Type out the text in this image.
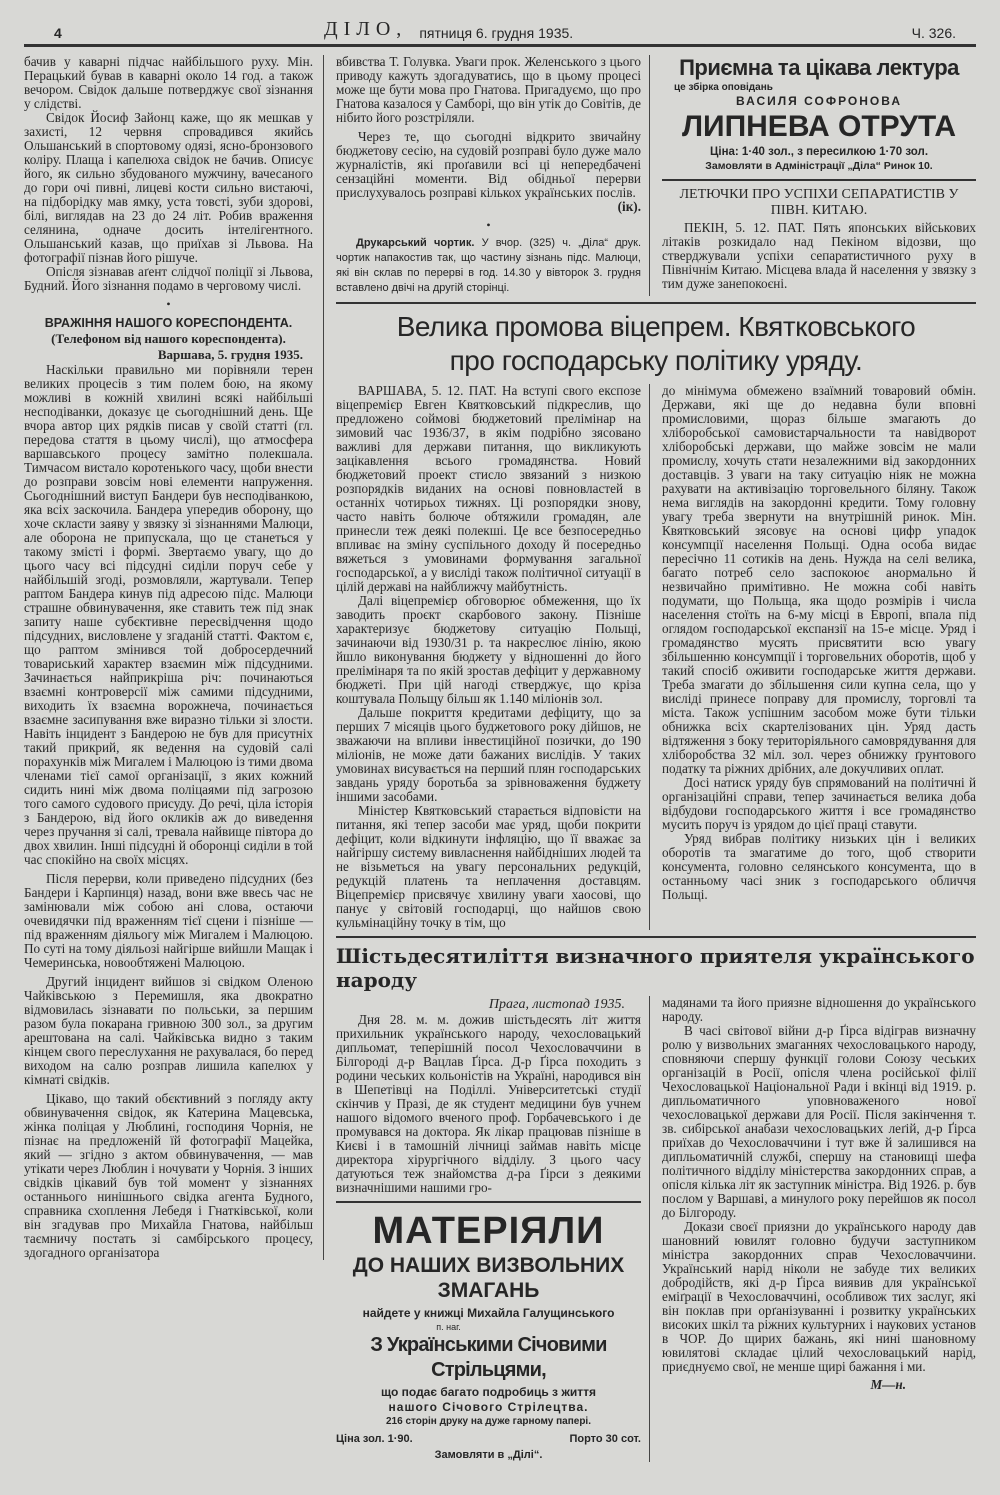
4	ДІЛО, пятниця 6. грудня 1935.	Ч. 326.

бачив у каварні підчас найбільшого руху. Мін. Перацький бував в каварні около 14 год. а також вечором. Свідок дальше потверджує свої зізнання у слідстві.

Свідок Йосиф Зайонц каже, що як мешкав у захисті, 12 червня спровадився якийсь Ольшанський в спортовому одязі, ясно-бронзового коліру. Плаща і капелюха свідок не бачив. Описує його, як сильно збудованого мужчину, вачесаного до гори очі пивні, лицеві кости сильно вистаючі, на підборідку мав ямку, уста товсті, зуби здорові, білі, виглядав на 23 до 24 літ. Робив враження селянина, одначе досить інтелігентного. Ольшанський казав, що приїхав зі Львова. На фотографії пізнав його рішуче.

Опісля зізнавав аґент слідчої поліції зі Львова, Будний. Його зізнання подамо в черговому числі.

•
ВРАЖІННЯ НАШОГО КОРЕСПОНДЕНТА.
(Телефоном від нашого кореспондента).
Варшава, 5. грудня 1935.

Наскільки правильно ми порівняли терен великих процесів з тим полем бою, на якому можливі в кожній хвилині всякі найбільші несподіванки, доказує це сьогоднішний день. Ще вчора автор цих рядків писав у своїй статті (гл. передова стаття в цьому числі), що атмосфера варшавського процесу замітно полекшала. Тимчасом вистало коротенького часу, щоби внести до розправи зовсім нові елементи напруження. Сьогоднішний виступ Бандери був несподіванкою, яка всіх заскочила. Бандера упередив оборону, що хоче скласти заяву у звязку зі зізнаннями Малюци, але оборона не припускала, що це станеться у такому змісті і формі. Звертаємо увагу, що до цього часу всі підсудні сиділи поруч себе у найбільшій згоді, розмовляли, жартували. Тепер раптом Бандера кинув під адресою підс. Малюци страшне обвинувачення, яке ставить теж під знак запиту наше субєктивне пересвідчення щодо підсудних, висловлене у згаданій статті. Фактом є, що раптом змінився той добросердечний товариський характер взаємин між підсудними. Зачинається найприкріша річ: починаються взаємні контроверсії між самими підсудними, виходить їх взаємна ворожнеча, починається взаємне засипування вже виразно тільки зі злости. Навіть інцидент з Бандерою не був для присутніх такий прикрий, як ведення на судовій салі порахунків між Мигалем і Малюцою із тими двома членами тієї самої організації, з яких кожний сидить нині між двома поліцаями під загрозою того самого судового присуду. До речі, ціла історія з Бандерою, від його окликів аж до виведення через пручання зі салі, тревала найвище півтора до двох хвилин. Інші підсудні й оборонці сиділи в той час спокійно на своїх місцях.

Після перерви, коли приведено підсудних (без Бандери і Карпинця) назад, вони вже ввесь час не замінювали між собою ані слова, остаючи очевидячки під враженням тієї сцени і пізніше — під враженням діяльогу між Мигалем і Малюцою. По суті на тому діяльозі найгірше вийшли Мащак і Чемеринська, новообтяжені Малюцою.

Другий інцидент вийшов зі свідком Оленою Чайківською з Перемишля, яка двократно відмовилась зізнавати по польськи, за першим разом була покарана гривною 300 зол., за другим арештована на салі. Чайківська видно з таким кінцем свого переслухання не рахувалася, бо перед виходом на салю розправ лишила капелюх у кімнаті свідків.

Цікаво, що такий обєктивний з погляду акту обвинувачення свідок, як Катерина Мацевська, жінка поліцая у Люблині, господиня Чорнія, не пізнає на предложеній їй фотографії Мацейка, який — згідно з актом обвинувачення, — мав утікати через Люблин і ночувати у Чорнія. З інших свідків цікавий був той момент у зізнаннях останнього нинішнього свідка агента Будного, справника схоплення Лебедя і Гнатківської, коли він згадував про Михайла Гнатова, найбільш таємничу постать зі самбірського процесу, здогадного організатора

вбивства Т. Голувка. Уваги прок. Желенського з цього приводу кажуть здогадуватись, що в цьому процесі може ще бути мова про Гнатова. Пригадуємо, що про Гнатова казалося у Самборі, що він утік до Совітів, де нібито його розстріляли.

Через те, що сьогодні відкрито звичайну бюджетову сесію, на судовій розправі було дуже мало журналістів, які проґавили всі ці непередбачені сензаційні моменти. Від обідньої перерви прислухувалось розправі кількох українських послів.

(ік).
•
Друкарський чортик. У вчор. (325) ч. „Діла“ друк. чортик напакостив так, що частину зізнань підс. Малюци, які він склав по перерві в год. 14.30 у вівторок 3. грудня вставлено двічі на другій сторінці.
Приємна та цікава лектура
це збірка оповідань
ВАСИЛЯ СОФРОНОВА
ЛИПНЕВА ОТРУТА
Ціна: 1·40 зол., з пересилкою 1·70 зол.
Замовляти в Адміністрації „Діла“ Ринок 10.
ЛЕТЮЧКИ ПРО УСПІХИ СЕПАРАТИСТІВ У ПІВН. КИТАЮ.

ПЕКІН, 5. 12. ПАТ. Пять японських військових літаків розкидало над Пекіном відозви, що стверджували успіхи сепаратистичного руху в Північнім Китаю. Місцева влада й населення у звязку з тим дуже занепокоєні.

Велика промова віцепрем. Квятковського
про господарську політику уряду.

ВАРШАВА, 5. 12. ПАТ. На вступі свого експозе віцепремієр Евген Квятковський підкреслив, що предложено соймові бюджетовий прелімінар на зимовий час 1936/37, в якім подрібно зясовано важливі для держави питання, що викликують зацікавлення всього громадянства. Новий бюджетовий проект стисло звязаний з низкою розпорядків виданих на основі повновластей в останніх чотирьох тижнях. Ці розпорядки знову, часто навіть болюче обтяжили громадян, але принесли теж деякі полекші. Це все безпосередньо впливає на зміну суспільного доходу й посередньо вяжеться з умовинами формування загальної господарської, а у висліді також політичної ситуації в цілій державі на найближчу майбутність.

Далі віцепремієр обговорює обмеження, що їх заводить проєкт скарбового закону. Пізніше характеризує бюджетову ситуацію Польщі, зачинаючи від 1930/31 р. та накреслює лінію, якою йшло виконування бюджету у відношенні до його прелімінаря та по якій зростав дефіцит у державному бюджеті. При цій нагоді стверджує, що кріза коштувала Польщу більш як 1.140 міліонів зол.

Дальше покриття кредитами дефіциту, що за перших 7 місяців цього буджетового року дійшов, не зважаючи на впливи інвестиційної позички, до 190 міліонів, не може дати бажаних вислідів. У таких умовинах висувається на перший плян господарських завдань уряду боротьба за зрівноваження буджету іншими засобами.

Міністер Квятковський старається відповісти на питання, які тепер засоби має уряд, щоби покрити дефіцит, коли відкинути інфляцію, що її вважає за найгіршу систему вивласнення найбідніших людей та не візьметься на увагу персональних редукцій, редукцій платень та неплачення доставцям. Віцепремієр присвячує хвилину уваги хаосові, що панує у світовій господарці, що найшов свою кульмінаційну точку в тім, що

до мінімума обмежено взаїмний товаровий обмін. Держави, які ще до недавна були вповні промисловими, щораз більше змагають до хліборобської самовистарчальности та навідворот хліборобські держави, що майже зовсім не мали промислу, хочуть стати незалежними від закордонних доставців. З уваги на таку ситуацію ніяк не можна рахувати на активізацію торговельного біляну. Також нема виглядів на закордонні кредити. Тому головну увагу треба звернути на внутрішній ринок. Мін. Квятковський зясовує на основі цифр упадок консумпції населення Польщі. Одна особа видає пересічно 11 сотиків на день. Нужда на селі велика, багато потреб село заспокоює анормально й незвичайно примітивно. Не можна собі навіть подумати, що Польща, яка щодо розмірів і числа населення стоїть на 6-му місці в Европі, впала під оглядом господарської експанзії на 15-е місце. Уряд і громадянство мусять присвятити всю увагу збільшенню консумпції і торговельних оборотів, щоб у такий спосіб оживити господарське життя держави. Треба змагати до збільшення сили купна села, що у висліді принесе поправу для промислу, торговлі та міста. Також успішним засобом може бути тільки обнижка всіх скартелізованих цін. Уряд дасть відтяження з боку територіяльного самоврядування для хліборобства 32 міл. зол. через обнижку ґрунтового податку та ріжних дрібних, але докучливих оплат.

Досі натиск уряду був спрямований на політичні й організаційні справи, тепер зачинається велика доба відбудови господарського життя і все громадянство мусить поруч із урядом до цієї праці ставути.

Уряд вибрав політику низьких цін і великих оборотів та змагатиме до того, щоб створити консумента, головно селянського консумента, що в останньому часі зник з господарського обличчя Польщі.

Шістьдесятиліття визначного приятеля українського народу
Прага, листопад 1935.

Дня 28. м. м. дожив шістьдесять літ життя прихильник українського народу, чехословацький дипльомат, теперішній посол Чехословаччини в Білгороді д-р Вацлав Ґірса. Д-р Ґірса походить з родини чеських кольоністів на Україні, народився він в Шепетівці на Поділлі. Університетські студії скінчив у Празі, де як студент медицини був учнем нашого відомого вченого проф. Горбачевського і де промувався на доктора. Як лікар працював пізніше в Києві і в тамошній лічниці займав навіть місце директора хірургічного відділу. З цього часу датуються теж знайомства д-ра Ґірси з деякими визначнішими нашими гро-

МАТЕРІЯЛИ
ДО НАШИХ ВИЗВОЛЬНИХ
ЗМАГАНЬ
найдете у книжці Михайла Галущинського
п. наг.
З Українськими Січовими Стрільцями,
що подає багато подробиць з життя
нашого Січового Стрілецтва.
216 сторін друку на дуже гарному папері.
Ціна зол. 1·90.	Порто 30 сот.
Замовляти в „Ділі“.

мадянами та його приязне відношення до українського народу.

В часі світової війни д-р Ґірса відіграв визначну ролю у визвольних змаганнях чехословацького народу, сповняючи спершу функції голови Союзу чеських організацій в Росії, опісля члена російської філії Чехословацької Національної Ради і вкінці від 1919. р. дипльоматичного уповноваженого нової чехословацької держави для Росії. Після закінчення т. зв. сибірської анабази чехословацьких леґій, д-р Ґірса приїхав до Чехословаччини і тут вже й залишився на дипльоматичній службі, спершу на становищі шефа політичного відділу міністерства закордонних справ, а опісля кілька літ як заступник міністра. Від 1926. р. був послом у Варшаві, а минулого року перейшов як посол до Білгороду.

Докази своєї приязни до українського народу дав шановний ювилят головно будучи заступником міністра закордонних справ Чехословаччини. Український нарід ніколи не забуде тих великих добродійств, які д-р Ґірса виявив для української еміґрації в Чехословаччині, особливож тих заслуг, які він поклав при орґанізуванні і розвитку українських високих шкіл та ріжних культурних і наукових установ в ЧОР. До щирих бажань, які нині шановному ювилятові складає цілий чехословацький нарід, приєднуємо свої, не менше щирі бажання і ми.

М—н.
